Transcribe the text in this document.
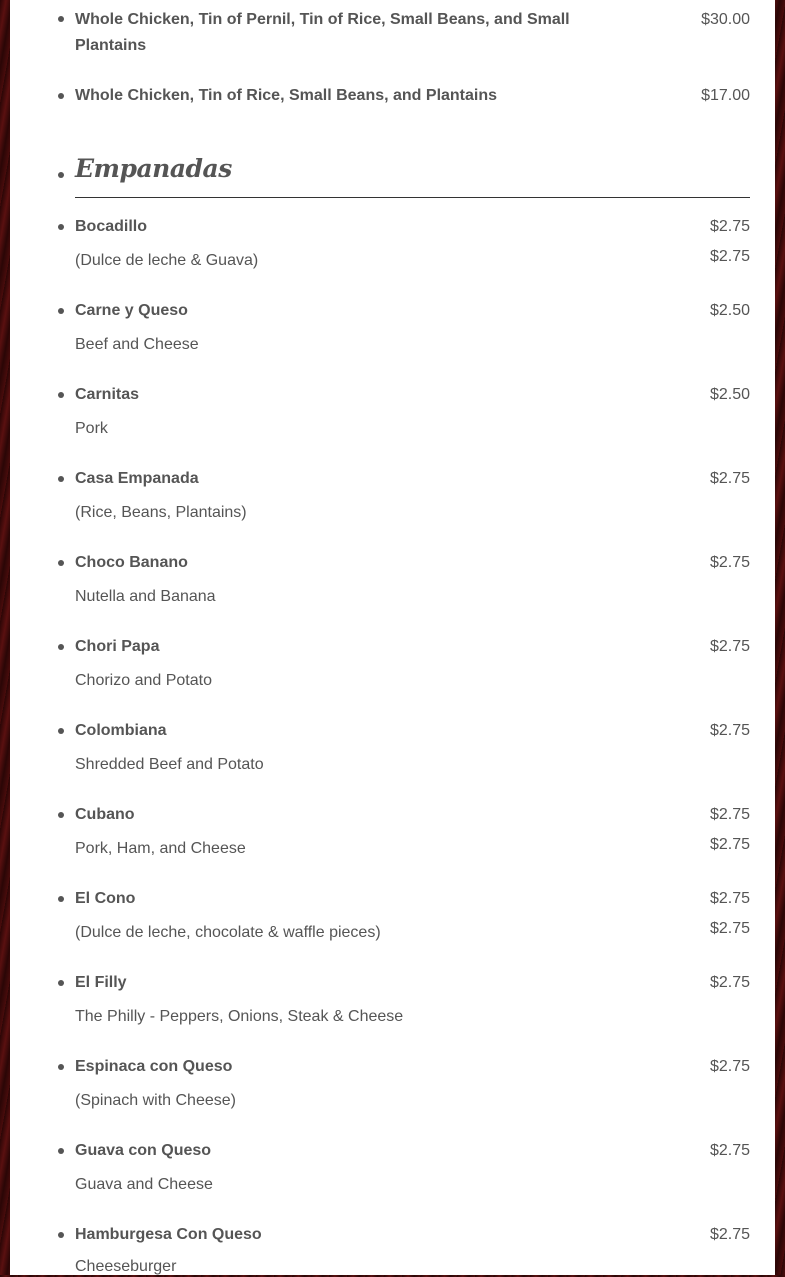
Whole Chicken, Tin of Pernil, Tin of Rice, Small Beans, and Small Plantains
$30.00
Whole Chicken, Tin of Rice, Small Beans, and Plantains	$17.00
Empanadas
Bocadillo	$2.75
$2.75
(Dulce de leche & Guava)
Carne y Queso	$2.50
Beef and Cheese
Carnitas	$2.50
Pork
Casa Empanada	$2.75
(Rice, Beans, Plantains)
Choco Banano	$2.75
Nutella and Banana
Chori Papa	$2.75
Chorizo and Potato
Colombiana	$2.75
Shredded Beef and Potato
Cubano	$2.75
$2.75
Pork, Ham, and Cheese
El Cono	$2.75
$2.75
(Dulce de leche, chocolate & waffle pieces)
El Filly	$2.75
The Philly - Peppers, Onions, Steak & Cheese
Espinaca con Queso	$2.75
(Spinach with Cheese)
Guava con Queso	$2.75
Guava and Cheese
Hamburgesa Con Queso	$2.75
Cheeseburger
